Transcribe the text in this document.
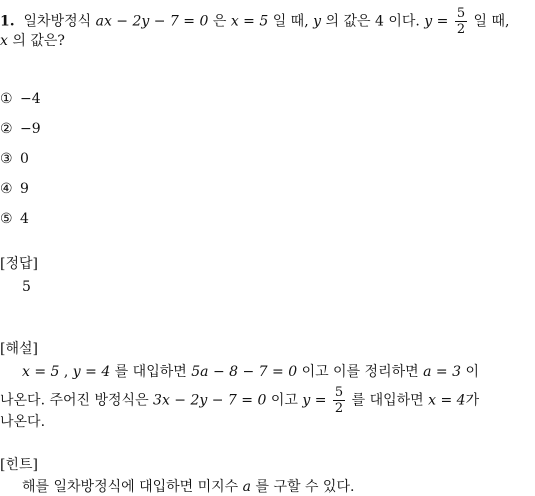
1. 일차방정식 ax − 2y − 7 = 0 은 x = 5 일 때, y 의 값은 4 이다. $y = \frac{5}{2}$ 일 때,
x 의 값은?
① −4
② −9
③ 0
④ 9
⑤ 4
[정답]
5
[해설]
x = 5 , y = 4 를 대입하면 5a − 8 − 7 = 0 이고 이를 정리하면 a = 3 이
나온다. 주어진 방정식은 3x − 2y − 7 = 0 이고 $y = \frac{5}{2}$ 를 대입하면 x = 4가
나온다.
[힌트]
해를 일차방정식에 대입하면 미지수 a 를 구할 수 있다.
